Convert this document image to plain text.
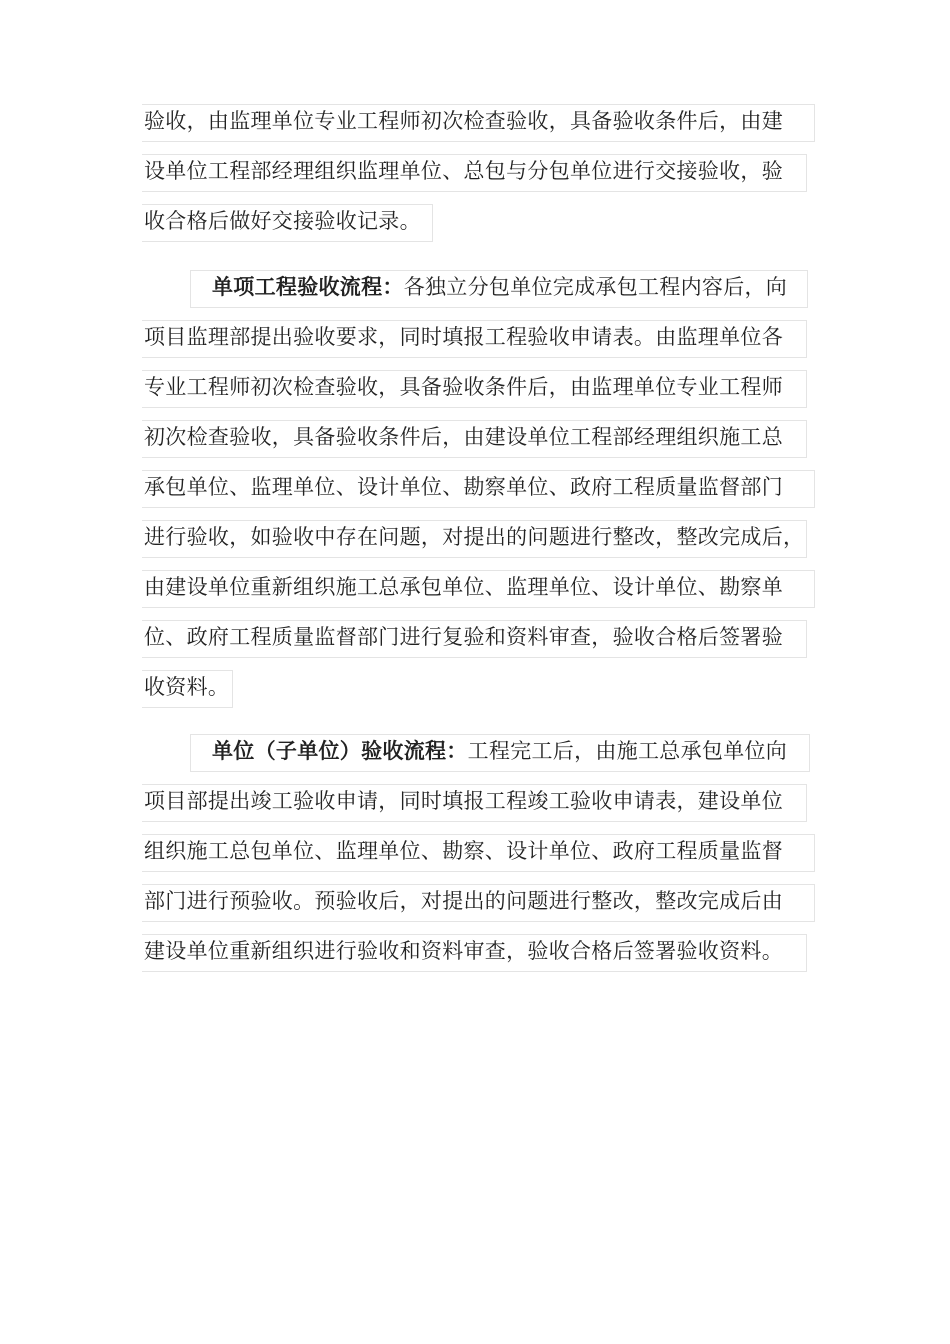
验收，由监理单位专业工程师初次检查验收，具备验收条件后，由建
设单位工程部经理组织监理单位、总包与分包单位进行交接验收，验
收合格后做好交接验收记录。
单项工程验收流程：各独立分包单位完成承包工程内容后，向
项目监理部提出验收要求，同时填报工程验收申请表。由监理单位各
专业工程师初次检查验收，具备验收条件后，由监理单位专业工程师
初次检查验收，具备验收条件后，由建设单位工程部经理组织施工总
承包单位、监理单位、设计单位、勘察单位、政府工程质量监督部门
进行验收，如验收中存在问题，对提出的问题进行整改，整改完成后，
由建设单位重新组织施工总承包单位、监理单位、设计单位、勘察单
位、政府工程质量监督部门进行复验和资料审查，验收合格后签署验
收资料。
单位（子单位）验收流程：工程完工后，由施工总承包单位向
项目部提出竣工验收申请，同时填报工程竣工验收申请表，建设单位
组织施工总包单位、监理单位、勘察、设计单位、政府工程质量监督
部门进行预验收。预验收后，对提出的问题进行整改，整改完成后由
建设单位重新组织进行验收和资料审查，验收合格后签署验收资料。
